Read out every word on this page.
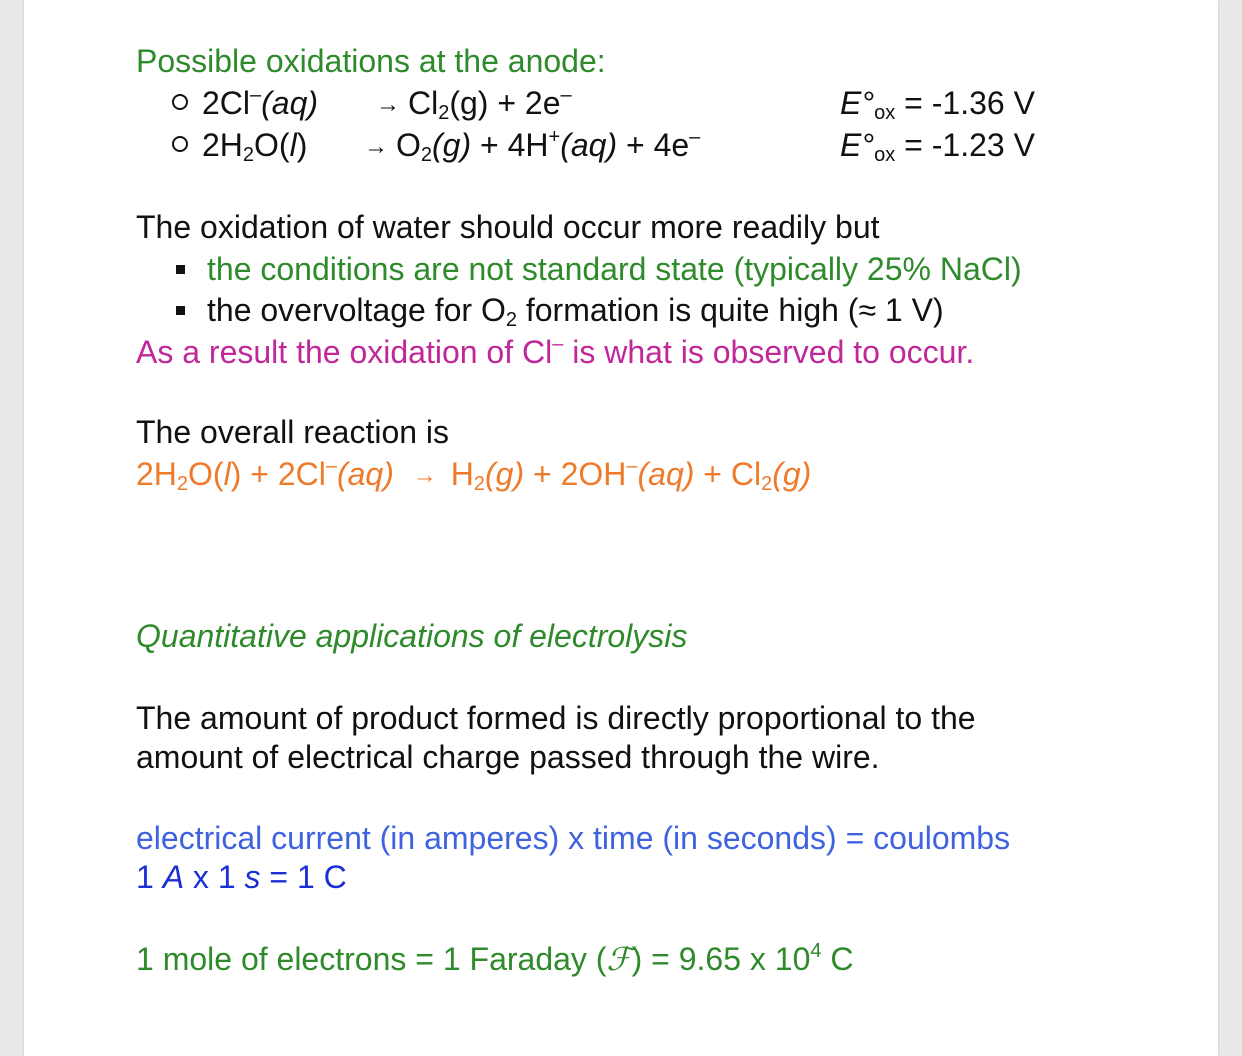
Possible oxidations at the anode:
$2Cl^-(aq) \to Cl_2(g) + 2e^-$	$E^\circ_{ox} = -1.36$ V
$2H_2O(l) \to O_2(g) + 4H^+(aq) + 4e^-$	$E^\circ_{ox} = -1.23$ V
The oxidation of water should occur more readily but
the conditions are not standard state (typically 25% NaCl)
the overvoltage for $O_2$ formation is quite high (≈ 1 V)
As a result the oxidation of Cl– is what is observed to occur.
The overall reaction is
$2H_2O(l) + 2Cl^-(aq) \to H_2(g) + 2OH^-(aq) + Cl_2(g)$
Quantitative applications of electrolysis
The amount of product formed is directly proportional to the
amount of electrical charge passed through the wire.
electrical current (in amperes) x time (in seconds) = coulombs
1 A x 1 s = 1 C
1 mole of electrons = 1 Faraday (ℱ) = 9.65 x $10^4$ C
